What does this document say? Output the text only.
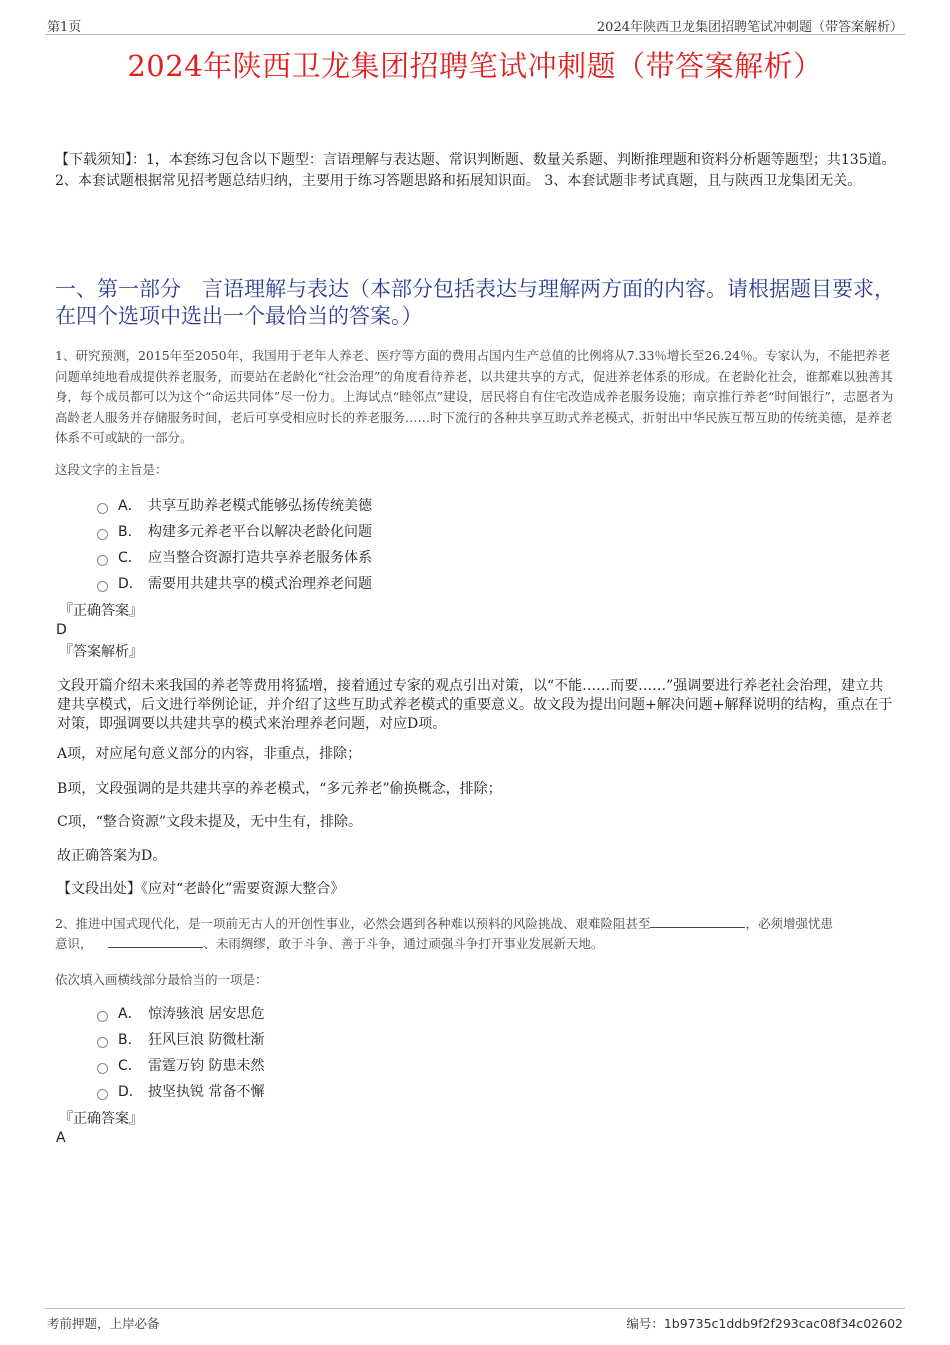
第1页	2024年陕西卫龙集团招聘笔试冲刺题（带答案解析）
2024年陕西卫龙集团招聘笔试冲刺题（带答案解析）
【下载须知】：1，本套练习包含以下题型：言语理解与表达题、常识判断题、数量关系题、判断推理题和资料分析题等题型；共135道。 2、本套试题根据常见招考题总结归纳，主要用于练习答题思路和拓展知识面。 3、本套试题非考试真题，且与陕西卫龙集团无关。
一、第一部分　言语理解与表达（本部分包括表达与理解两方面的内容。请根据题目要求，在四个选项中选出一个最恰当的答案。）
1、研究预测，2015年至2050年，我国用于老年人养老、医疗等方面的费用占国内生产总值的比例将从7.33％增长至26.24％。专家认为，不能把养老问题单纯地看成提供养老服务，而要站在老龄化“社会治理”的角度看待养老，以共建共享的方式，促进养老体系的形成。在老龄化社会，谁都难以独善其身，每个成员都可以为这个“命运共同体”尽一份力。上海试点“睦邻点”建设，居民将自有住宅改造成养老服务设施；南京推行养老“时间银行”，志愿者为高龄老人服务并存储服务时间，老后可享受相应时长的养老服务……时下流行的各种共享互助式养老模式，折射出中华民族互帮互助的传统美德，是养老体系不可或缺的一部分。
这段文字的主旨是：
A． 共享互助养老模式能够弘扬传统美德
B． 构建多元养老平台以解决老龄化问题
C． 应当整合资源打造共享养老服务体系
D． 需要用共建共享的模式治理养老问题
『正确答案』
D
『答案解析』
文段开篇介绍未来我国的养老等费用将猛增，接着通过专家的观点引出对策，以“不能……而要……”强调要进行养老社会治理，建立共建共享模式，后文进行举例论证，并介绍了这些互助式养老模式的重要意义。故文段为提出问题+解决问题+解释说明的结构，重点在于对策，即强调要以共建共享的模式来治理养老问题，对应D项。
A项，对应尾句意义部分的内容，非重点，排除；
B项，文段强调的是共建共享的养老模式，“多元养老”偷换概念，排除；
C项，“整合资源”文段未提及，无中生有，排除。
故正确答案为D。
【文段出处】《应对“老龄化”需要资源大整合》
2、推进中国式现代化，是一项前无古人的开创性事业，必然会遇到各种难以预料的风险挑战、艰难险阻甚至	，必须增强忧患
意识，	、未雨绸缪，敢于斗争、善于斗争，通过顽强斗争打开事业发展新天地。
依次填入画横线部分最恰当的一项是：
A． 惊涛骇浪 居安思危
B． 狂风巨浪 防微杜渐
C． 雷霆万钧 防患未然
D． 披坚执锐 常备不懈
『正确答案』
A
考前押题，上岸必备	编号：1b9735c1ddb9f2f293cac08f34c02602
